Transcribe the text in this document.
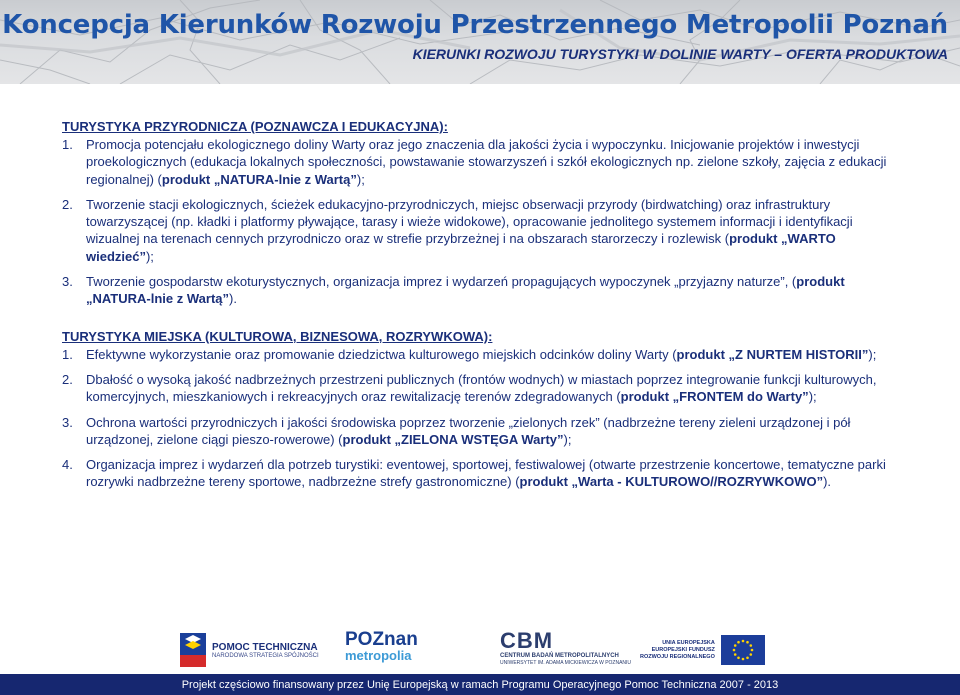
Koncepcja Kierunków Rozwoju Przestrzennego Metropolii Poznań
KIERUNKI ROZWOJU TURYSTYKI W DOLINIE WARTY – OFERTA PRODUKTOWA
TURYSTYKA PRZYRODNICZA (POZNAWCZA I EDUKACYJNA):
1.	Promocja potencjału ekologicznego doliny Warty oraz jego znaczenia dla jakości życia i wypoczynku. Inicjowanie projektów i inwestycji proekologicznych (edukacja lokalnych społeczności, powstawanie stowarzyszeń i szkół ekologicznych np. zielone szkoły, zajęcia z edukacji regionalnej) (produkt „NATURA-lnie z Wartą”);
2.	Tworzenie stacji ekologicznych, ścieżek edukacyjno-przyrodniczych, miejsc obserwacji przyrody (birdwatching) oraz infrastruktury towarzyszącej (np. kładki i platformy pływające, tarasy i wieże widokowe), opracowanie jednolitego systemem informacji i identyfikacji wizualnej na terenach cennych przyrodniczo oraz w strefie przybrzeżnej i na obszarach starorzeczy i rozlewisk (produkt „WARTO wiedzieć”);
3.	Tworzenie gospodarstw ekoturystycznych, organizacja imprez i wydarzeń propagujących wypoczynek „przyjazny naturze”, (produkt „NATURA-lnie z Wartą”).
TURYSTYKA MIEJSKA (KULTUROWA, BIZNESOWA, ROZRYWKOWA):
1.	Efektywne wykorzystanie oraz promowanie dziedzictwa kulturowego miejskich odcinków doliny Warty (produkt „Z NURTEM HISTORII”);
2.	Dbałość o wysoką jakość nadbrzeżnych przestrzeni publicznych (frontów wodnych) w miastach poprzez integrowanie funkcji kulturowych, komercyjnych, mieszkaniowych i rekreacyjnych oraz rewitalizację terenów zdegradowanych (produkt „FRONTEM do Warty”);
3.	Ochrona wartości przyrodniczych i jakości środowiska poprzez tworzenie „zielonych rzek” (nadbrzeżne tereny zieleni urządzonej i pół urządzonej, zielone ciągi pieszo-rowerowe) (produkt „ZIELONA WSTĘGA Warty”);
4.	Organizacja imprez i wydarzeń dla potrzeb turystiki: eventowej, sportowej, festiwalowej (otwarte przestrzenie koncertowe, tematyczne parki rozrywki nadbrzeżne tereny sportowe, nadbrzeżne strefy gastronomiczne) (produkt „Warta - KULTUROWO//ROZRYWKOWO”).
POMOC TECHNICZNA
NARODOWA STRATEGIA SPÓJNOŚCI
POZnan
metropolia
CBM
CENTRUM BADAŃ METROPOLITALNYCH
UNIWERSYTET IM. ADAMA MICKIEWICZA W POZNANIU
UNIA EUROPEJSKA
EUROPEJSKI FUNDUSZ
ROZWOJU REGIONALNEGO
Projekt częściowo finansowany przez Unię Europejską w ramach Programu Operacyjnego Pomoc Techniczna 2007 - 2013
